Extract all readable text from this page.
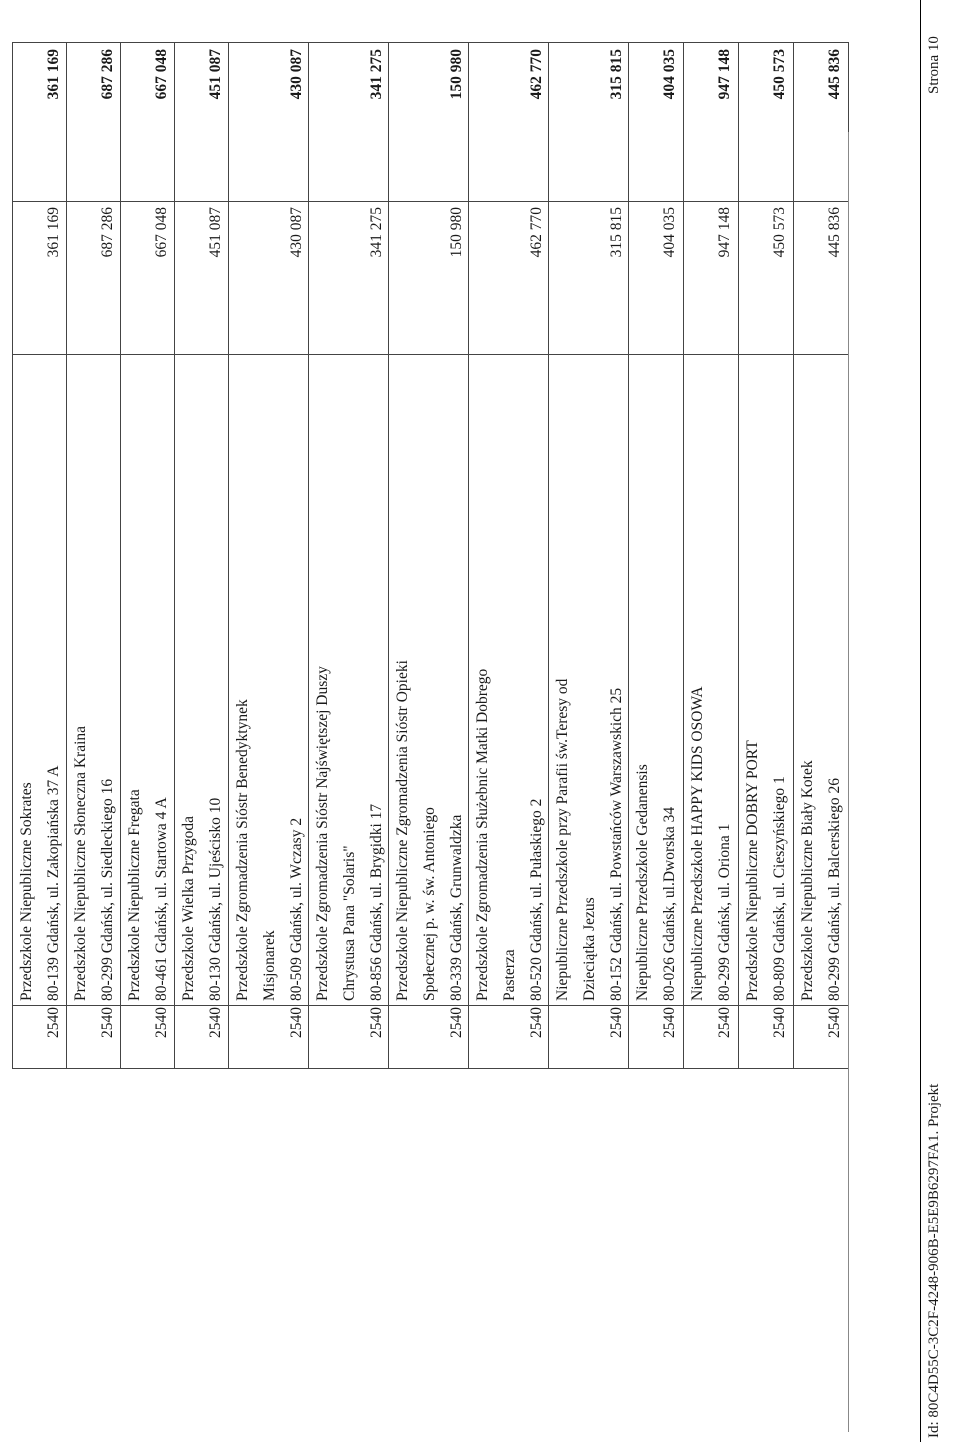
2540
Przedszkole Niepubliczne Sokrates 80-139 Gdańsk, ul. Zakopiańska 37 A
361 169
361 169
2540
Przedszkole Niepubliczne Słoneczna Kraina 80-299 Gdańsk, ul. Siedleckiego 16
687 286
687 286
2540
Przedszkole Niepubliczne Fregata 80-461 Gdańsk, ul. Startowa 4 A
667 048
667 048
2540
Przedszkole Wielka Przygoda 80-130 Gdańsk, ul. Ujeścisko 10
451 087
451 087
2540
Przedszkole Zgromadzenia Sióstr Benedyktynek Misjonarek 80-509 Gdańsk, ul. Wczasy 2
430 087
430 087
2540
Przedszkole Zgromadzenia Sióstr Najświętszej Duszy Chrystusa Pana "Solaris" 80-856 Gdańsk, ul. Brygidki 17
341 275
341 275
2540
Przedszkole Niepubliczne Zgromadzenia Sióstr Opieki Społecznej p. w. św. Antoniego 80-339 Gdańsk, Grunwaldzka
150 980
150 980
2540
Przedszkole Zgromadzenia Służebnic Matki Dobrego Pasterza 80-520 Gdańsk, ul. Pułaskiego 2
462 770
462 770
2540
Niepubliczne Przedszkole przy Parafii św.Teresy od Dzieciątka Jezus 80-152 Gdańsk, ul. Powstańców Warszawskich 25
315 815
315 815
2540
Niepubliczne Przedszkole Gedanensis 80-026 Gdańsk, ul.Dworska 34
404 035
404 035
2540
Niepubliczne Przedszkole HAPPY KIDS OSOWA 80-299 Gdańsk, ul. Oriona 1
947 148
947 148
2540
Przedszkole Niepubliczne DOBRY PORT 80-809 Gdańsk, ul. Cieszyńskiego 1
450 573
450 573
2540
Przedszkole Niepubliczne Biały Kotek 80-299 Gdańsk, ul. Balcerskiego 26
445 836
445 836
Id: 80C4D55C-3C2F-4248-906B-E5E9B6297FA1. Projekt
Strona 10
